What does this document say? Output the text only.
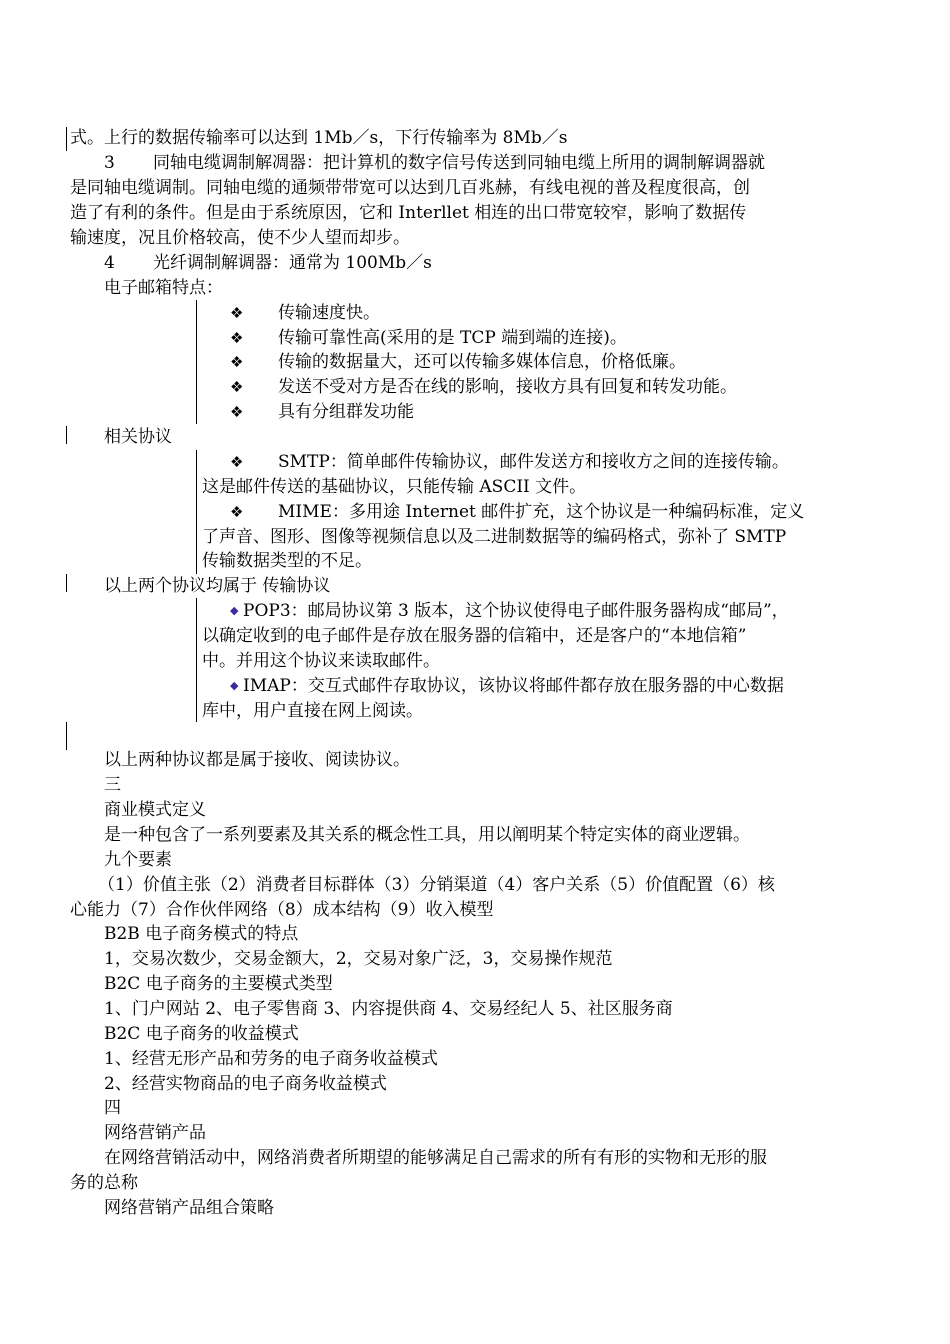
式。上行的数据传输率可以达到 1Mb／s，下行传输率为 8Mb／s
3 同轴电缆调制解凋器：把计算机的数字信号传送到同轴电缆上所用的调制解调器就
是同轴电缆调制。同轴电缆的通频带带宽可以达到几百兆赫，有线电视的普及程度很高，创
造了有利的条件。但是由于系统原因，它和 Interllet 相连的出口带宽较窄，影响了数据传
输速度，况且价格较高，使不少人望而却步。
4 光纤调制解调器：通常为 100Mb／s
电子邮箱特点：
❖ 传输速度快。
❖ 传输可靠性高(采用的是 TCP 端到端的连接)。
❖ 传输的数据量大，还可以传输多媒体信息，价格低廉。
❖ 发送不受对方是否在线的影响，接收方具有回复和转发功能。
❖ 具有分组群发功能
相关协议
❖ SMTP：简单邮件传输协议，邮件发送方和接收方之间的连接传输。
这是邮件传送的基础协议，只能传输 ASCII 文件。
❖ MIME：多用途 Internet 邮件扩充，这个协议是一种编码标准，定义
了声音、图形、图像等视频信息以及二进制数据等的编码格式，弥补了 SMTP
传输数据类型的不足。
以上两个协议均属于 传输协议
◆ POP3：邮局协议第 3 版本，这个协议使得电子邮件服务器构成“邮局”，
以确定收到的电子邮件是存放在服务器的信箱中，还是客户的“本地信箱”
中。并用这个协议来读取邮件。
◆ IMAP：交互式邮件存取协议，该协议将邮件都存放在服务器的中心数据
库中，用户直接在网上阅读。
以上两种协议都是属于接收、阅读协议。
三
商业模式定义
是一种包含了一系列要素及其关系的概念性工具，用以阐明某个特定实体的商业逻辑。
九个要素
（1）价值主张（2）消费者目标群体（3）分销渠道（4）客户关系（5）价值配置（6）核
心能力（7）合作伙伴网络（8）成本结构（9）收入模型
B2B 电子商务模式的特点
1，交易次数少，交易金额大，2，交易对象广泛，3，交易操作规范
B2C 电子商务的主要模式类型
1、门户网站 2、电子零售商 3、内容提供商 4、交易经纪人 5、社区服务商
B2C 电子商务的收益模式
1、经营无形产品和劳务的电子商务收益模式
2、经营实物商品的电子商务收益模式
四
网络营销产品
在网络营销活动中，网络消费者所期望的能够满足自己需求的所有有形的实物和无形的服
务的总称
网络营销产品组合策略
